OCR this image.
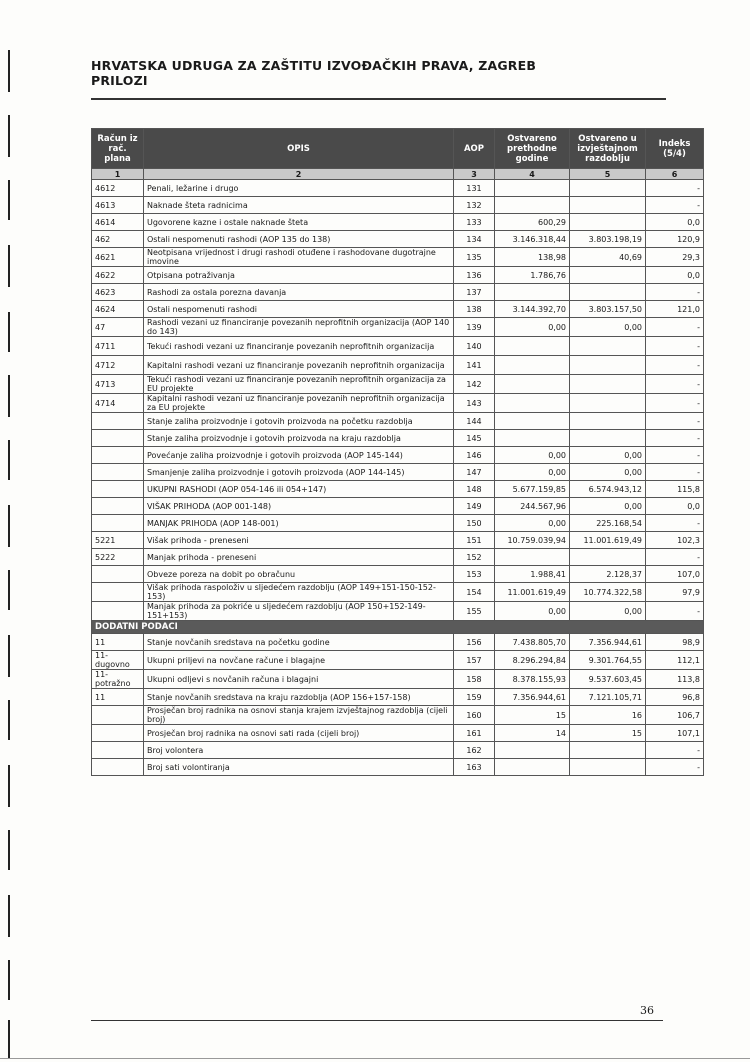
HRVATSKA UDRUGA ZA ZAŠTITU IZVOĐAČKIH PRAVA, ZAGREB
PRILOZI
Račun iz rač. plana	OPIS	AOP	Ostvareno prethodne godine	Ostvareno u izvještajnom razdoblju	Indeks (5/4)
1	2	3	4	5	6
4612	Penali, ležarine i drugo	131			-
4613	Naknade šteta radnicima	132			-
4614	Ugovorene kazne i ostale naknade šteta	133	600,29		0,0
462	Ostali nespomenuti rashodi (AOP 135 do 138)	134	3.146.318,44	3.803.198,19	120,9
4621	Neotpisana vrijednost i drugi rashodi otuđene i rashodovane dugotrajne imovine	135	138,98	40,69	29,3
4622	Otpisana potraživanja	136	1.786,76		0,0
4623	Rashodi za ostala porezna davanja	137			-
4624	Ostali nespomenuti rashodi	138	3.144.392,70	3.803.157,50	121,0
47	Rashodi vezani uz financiranje povezanih neprofitnih organizacija (AOP 140 do 143)	139	0,00	0,00	-
4711	Tekući rashodi vezani uz financiranje povezanih neprofitnih organizacija	140			-
4712	Kapitalni rashodi vezani uz financiranje povezanih neprofitnih organizacija	141			-
4713	Tekući rashodi vezani uz financiranje povezanih neprofitnih organizacija za EU projekte	142			-
4714	Kapitalni rashodi vezani uz financiranje povezanih neprofitnih organizacija za EU projekte	143			-
	Stanje zaliha proizvodnje i gotovih proizvoda na početku razdoblja	144			-
	Stanje zaliha proizvodnje i gotovih proizvoda na kraju razdoblja	145			-
	Povećanje zaliha proizvodnje i gotovih proizvoda (AOP 145-144)	146	0,00	0,00	-
	Smanjenje zaliha proizvodnje i gotovih proizvoda (AOP 144-145)	147	0,00	0,00	-
	UKUPNI RASHODI (AOP 054-146 ili 054+147)	148	5.677.159,85	6.574.943,12	115,8
	VIŠAK PRIHODA (AOP 001-148)	149	244.567,96	0,00	0,0
	MANJAK PRIHODA (AOP 148-001)	150	0,00	225.168,54	-
5221	Višak prihoda - preneseni	151	10.759.039,94	11.001.619,49	102,3
5222	Manjak prihoda - preneseni	152			-
	Obveze poreza na dobit po obračunu	153	1.988,41	2.128,37	107,0
	Višak prihoda raspoloživ u sljedećem razdoblju (AOP 149+151-150-152-153)	154	11.001.619,49	10.774.322,58	97,9
	Manjak prihoda za pokriće u sljedećem razdoblju (AOP 150+152-149-151+153)	155	0,00	0,00	-
DODATNI PODACI					
11	Stanje novčanih sredstava na početku godine	156	7.438.805,70	7.356.944,61	98,9
11-dugovno	Ukupni priljevi na novčane račune i blagajne	157	8.296.294,84	9.301.764,55	112,1
11-potražno	Ukupni odljevi s novčanih računa i blagajni	158	8.378.155,93	9.537.603,45	113,8
11	Stanje novčanih sredstava na kraju razdoblja (AOP 156+157-158)	159	7.356.944,61	7.121.105,71	96,8
	Prosječan broj radnika na osnovi stanja krajem izvještajnog razdoblja (cijeli broj)	160	15	16	106,7
	Prosječan broj radnika na osnovi sati rada (cijeli broj)	161	14	15	107,1
	Broj volontera	162			-
	Broj sati volontiranja	163			-
36
